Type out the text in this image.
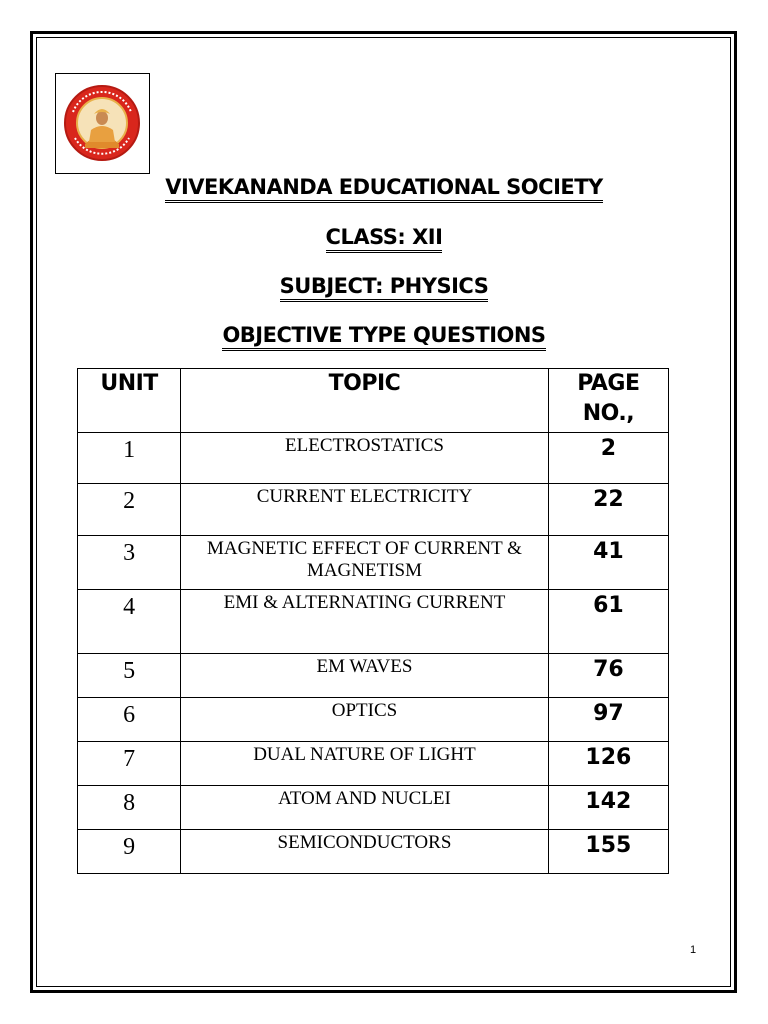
VIVEKANANDA EDUCATIONAL SOCIETY
CLASS: XII
SUBJECT: PHYSICS
OBJECTIVE TYPE QUESTIONS
UNIT	TOPIC	PAGE NO.,
1	ELECTROSTATICS	2
2	CURRENT ELECTRICITY	22
3	MAGNETIC EFFECT OF CURRENT & MAGNETISM	41
4	EMI & ALTERNATING CURRENT	61
5	EM WAVES	76
6	OPTICS	97
7	DUAL NATURE OF LIGHT	126
8	ATOM AND NUCLEI	142
9	SEMICONDUCTORS	155
1
